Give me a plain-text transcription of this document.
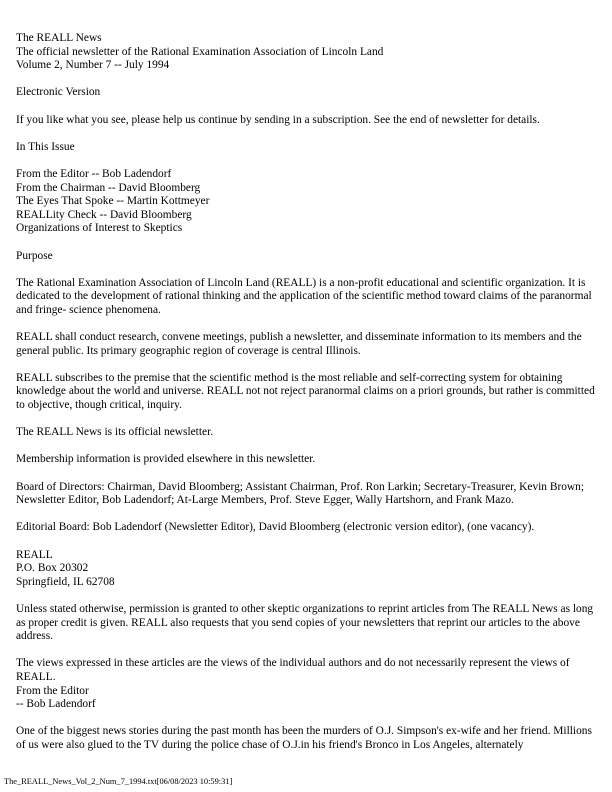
The REALL News
The official newsletter of the Rational Examination Association of Lincoln Land
Volume 2, Number 7 -- July 1994
Electronic Version
If you like what you see, please help us continue by sending in a subscription. See the end of newsletter for details.
In This Issue
From the Editor -- Bob Ladendorf
From the Chairman -- David Bloomberg
The Eyes That Spoke -- Martin Kottmeyer
REALLity Check -- David Bloomberg
Organizations of Interest to Skeptics
Purpose
The Rational Examination Association of Lincoln Land (REALL) is a non-profit educational and scientific organization. It is dedicated to the development of rational thinking and the application of the scientific method toward claims of the paranormal and fringe- science phenomena.
REALL shall conduct research, convene meetings, publish a newsletter, and disseminate information to its members and the general public. Its primary geographic region of coverage is central Illinois.
REALL subscribes to the premise that the scientific method is the most reliable and self-correcting system for obtaining knowledge about the world and universe. REALL not not reject paranormal claims on a priori grounds, but rather is committed to objective, though critical, inquiry.
The REALL News is its official newsletter.
Membership information is provided elsewhere in this newsletter.
Board of Directors: Chairman, David Bloomberg; Assistant Chairman, Prof. Ron Larkin; Secretary-Treasurer, Kevin Brown; Newsletter Editor, Bob Ladendorf; At-Large Members, Prof. Steve Egger, Wally Hartshorn, and Frank Mazo.
Editorial Board: Bob Ladendorf (Newsletter Editor), David Bloomberg (electronic version editor), (one vacancy).
REALL
P.O. Box 20302
Springfield, IL 62708
Unless stated otherwise, permission is granted to other skeptic organizations to reprint articles from The REALL News as long as proper credit is given. REALL also requests that you send copies of your newsletters that reprint our articles to the above address.
The views expressed in these articles are the views of the individual authors and do not necessarily represent the views of REALL.
From the Editor
-- Bob Ladendorf
One of the biggest news stories during the past month has been the murders of O.J. Simpson's ex-wife and her friend. Millions of us were also glued to the TV during the police chase of O.J.in his friend's Bronco in Los Angeles, alternately
The_REALL_News_Vol_2_Num_7_1994.txt[06/08/2023 10:59:31]
